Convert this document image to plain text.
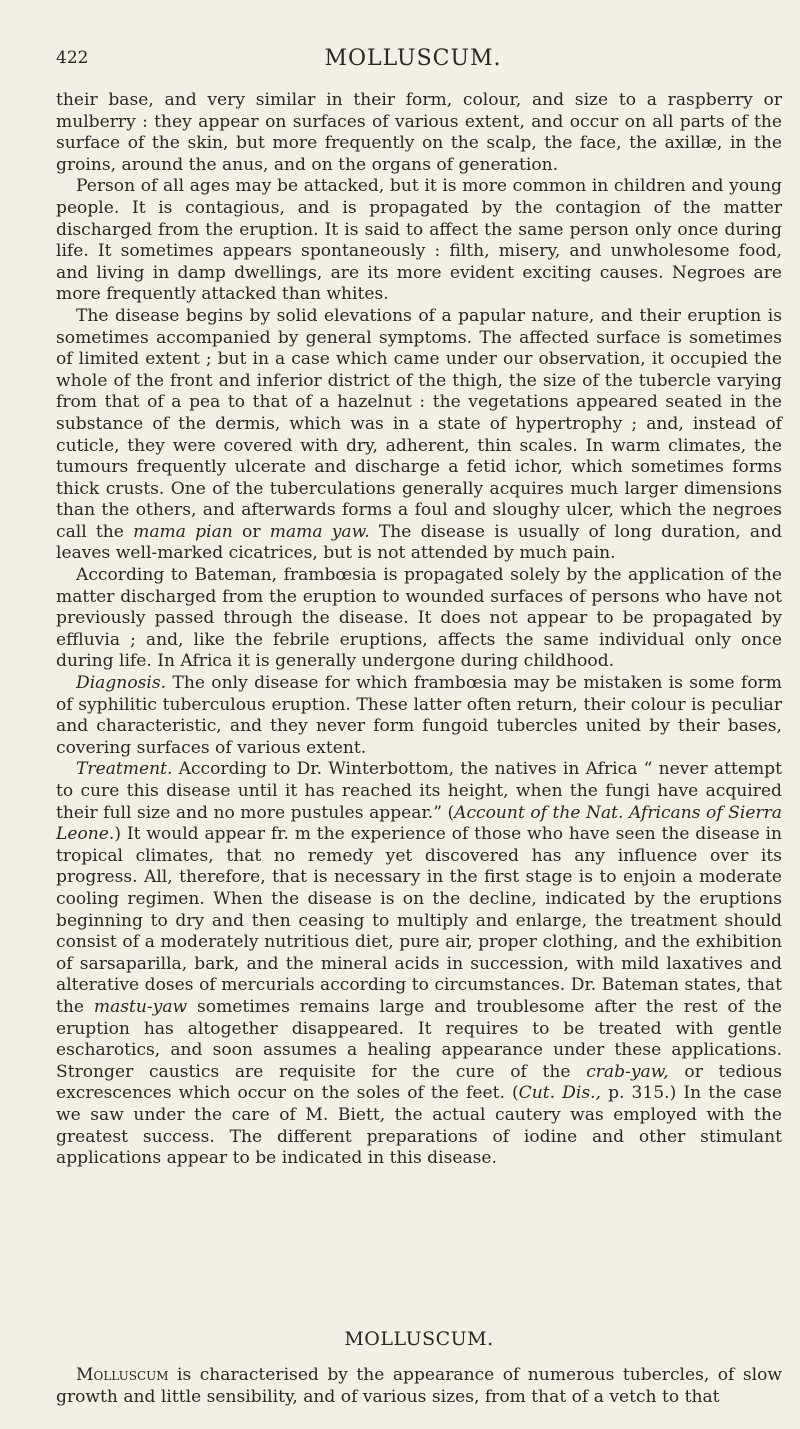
422	MOLLUSCUM.

their base, and very similar in their form, colour, and size to a raspberry or mulberry : they appear on surfaces of various extent, and occur on all parts of the surface of the skin, but more frequently on the scalp, the face, the axillæ, in the groins, around the anus, and on the organs of generation.

Person of all ages may be attacked, but it is more common in children and young people. It is contagious, and is propagated by the contagion of the matter discharged from the eruption. It is said to affect the same person only once during life. It sometimes appears spontaneously : filth, misery, and unwholesome food, and living in damp dwellings, are its more evident exciting causes. Negroes are more frequently attacked than whites.

The disease begins by solid elevations of a papular nature, and their eruption is sometimes accompanied by general symptoms. The affected surface is sometimes of limited extent ; but in a case which came under our observation, it occupied the whole of the front and inferior district of the thigh, the size of the tubercle varying from that of a pea to that of a hazelnut : the vegetations appeared seated in the substance of the dermis, which was in a state of hypertrophy ; and, instead of cuticle, they were covered with dry, adherent, thin scales. In warm climates, the tumours frequently ulcerate and discharge a fetid ichor, which sometimes forms thick crusts. One of the tuberculations generally acquires much larger dimensions than the others, and afterwards forms a foul and sloughy ulcer, which the negroes call the mama pian or mama yaw. The disease is usually of long duration, and leaves well-marked cicatrices, but is not attended by much pain.

According to Bateman, frambœsia is propagated solely by the application of the matter discharged from the eruption to wounded surfaces of persons who have not previously passed through the disease. It does not appear to be propagated by effluvia ; and, like the febrile eruptions, affects the same individual only once during life. In Africa it is generally undergone during childhood.

Diagnosis. The only disease for which frambœsia may be mistaken is some form of syphilitic tuberculous eruption. These latter often return, their colour is peculiar and characteristic, and they never form fungoid tubercles united by their bases, covering surfaces of various extent.

Treatment. According to Dr. Winterbottom, the natives in Africa “ never attempt to cure this disease until it has reached its height, when the fungi have acquired their full size and no more pustules appear.” (Account of the Nat. Africans of Sierra Leone.) It would appear fr. m the experience of those who have seen the disease in tropical climates, that no remedy yet discovered has any influence over its progress. All, therefore, that is necessary in the first stage is to enjoin a moderate cooling regimen. When the disease is on the decline, indicated by the eruptions beginning to dry and then ceasing to multiply and enlarge, the treatment should consist of a moderately nutritious diet, pure air, proper clothing, and the exhibition of sarsaparilla, bark, and the mineral acids in succession, with mild laxatives and alterative doses of mercurials according to circumstances. Dr. Bateman states, that the mastu-yaw sometimes remains large and troublesome after the rest of the eruption has altogether disappeared. It requires to be treated with gentle escharotics, and soon assumes a healing appearance under these applications. Stronger caustics are requisite for the cure of the crab-yaw, or tedious excrescences which occur on the soles of the feet. (Cut. Dis., p. 315.) In the case we saw under the care of M. Biett, the actual cautery was employed with the greatest success. The different preparations of iodine and other stimulant applications appear to be indicated in this disease.

MOLLUSCUM.

Molluscum is characterised by the appearance of numerous tubercles, of slow growth and little sensibility, and of various sizes, from that of a vetch to that
